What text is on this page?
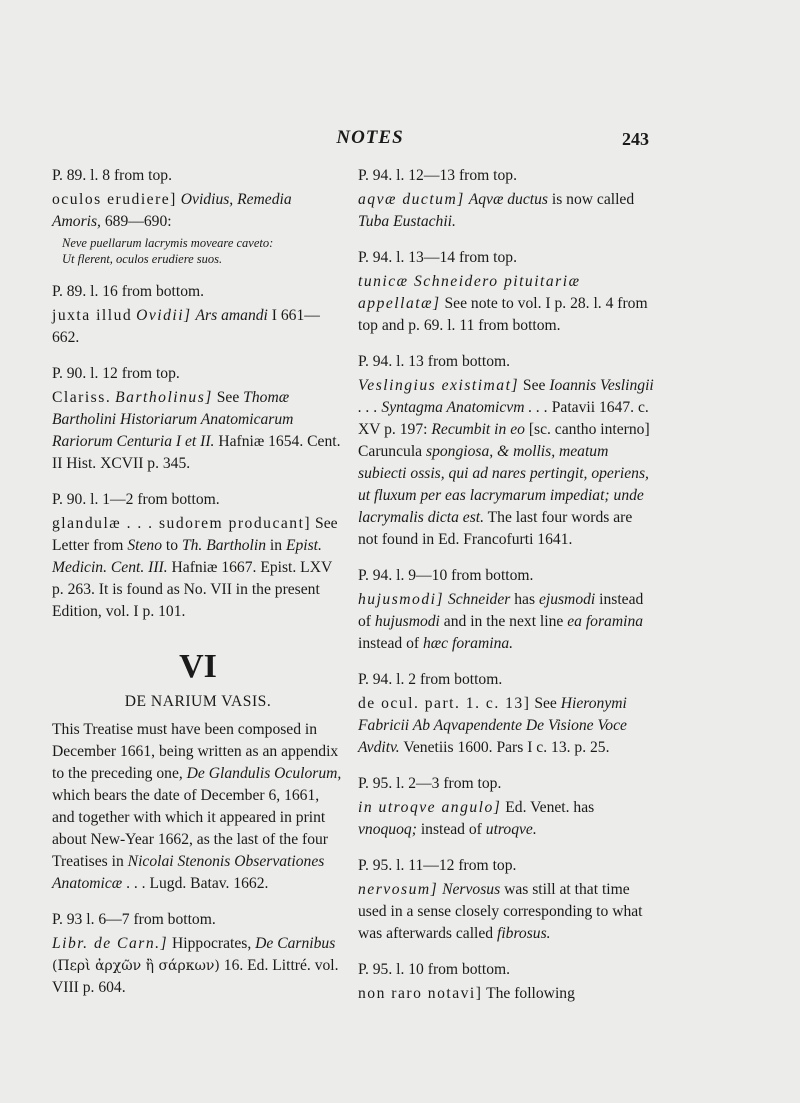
NOTES	243

P. 89. l. 8 from top.

oculos erudiere] Ovidius, Remedia Amoris, 689—690:

Neve puellarum lacrymis moveare caveto:
Ut flerent, oculos erudiere suos.

P. 89. l. 16 from bottom.

juxta illud Ovidii] Ars amandi I 661—662.

P. 90. l. 12 from top.

Clariss. Bartholinus] See Thomæ Bartholini Historiarum Anatomicarum Rariorum Centuria I et II. Hafniæ 1654. Cent. II Hist. XCVII p. 345.

P. 90. l. 1—2 from bottom.

glandulæ . . . sudorem producant] See Letter from Steno to Th. Bartholin in Epist. Medicin. Cent. III. Hafniæ 1667. Epist. LXV p. 263. It is found as No. VII in the present Edition, vol. I p. 101.

VI
DE NARIUM VASIS.

This Treatise must have been composed in December 1661, being written as an appendix to the preceding one, De Glandulis Oculorum, which bears the date of December 6, 1661, and together with which it appeared in print about New-Year 1662, as the last of the four Treatises in Nicolai Stenonis Observationes Anatomicæ . . . Lugd. Batav. 1662.

P. 93 l. 6—7 from bottom.

Libr. de Carn.] Hippocrates, De Carnibus (Περὶ ἀρχῶν ἢ σάρκων) 16. Ed. Littré. vol. VIII p. 604.

P. 94. l. 12—13 from top.

aqvæ ductum] Aqvæ ductus is now called Tuba Eustachii.

P. 94. l. 13—14 from top.

tunicæ Schneidero pituitariæ appellatæ] See note to vol. I p. 28. l. 4 from top and p. 69. l. 11 from bottom.

P. 94. l. 13 from bottom.

Veslingius existimat] See Ioannis Veslingii . . . Syntagma Anatomicvm . . . Patavii 1647. c. XV p. 197: Recumbit in eo [sc. cantho interno] Caruncula spongiosa, & mollis, meatum subiecti ossis, qui ad nares pertingit, operiens, ut fluxum per eas lacrymarum impediat; unde lacrymalis dicta est. The last four words are not found in Ed. Francofurti 1641.

P. 94. l. 9—10 from bottom.

hujusmodi] Schneider has ejusmodi instead of hujusmodi and in the next line ea foramina instead of hæc foramina.

P. 94. l. 2 from bottom.

de ocul. part. 1. c. 13] See Hieronymi Fabricii Ab Aqvapendente De Visione Voce Avditv. Venetiis 1600. Pars I c. 13. p. 25.

P. 95. l. 2—3 from top.

in utroqve angulo] Ed. Venet. has vnoquoq; instead of utroqve.

P. 95. l. 11—12 from top.

nervosum] Nervosus was still at that time used in a sense closely corresponding to what was afterwards called fibrosus.

P. 95. l. 10 from bottom.

non raro notavi] The following
